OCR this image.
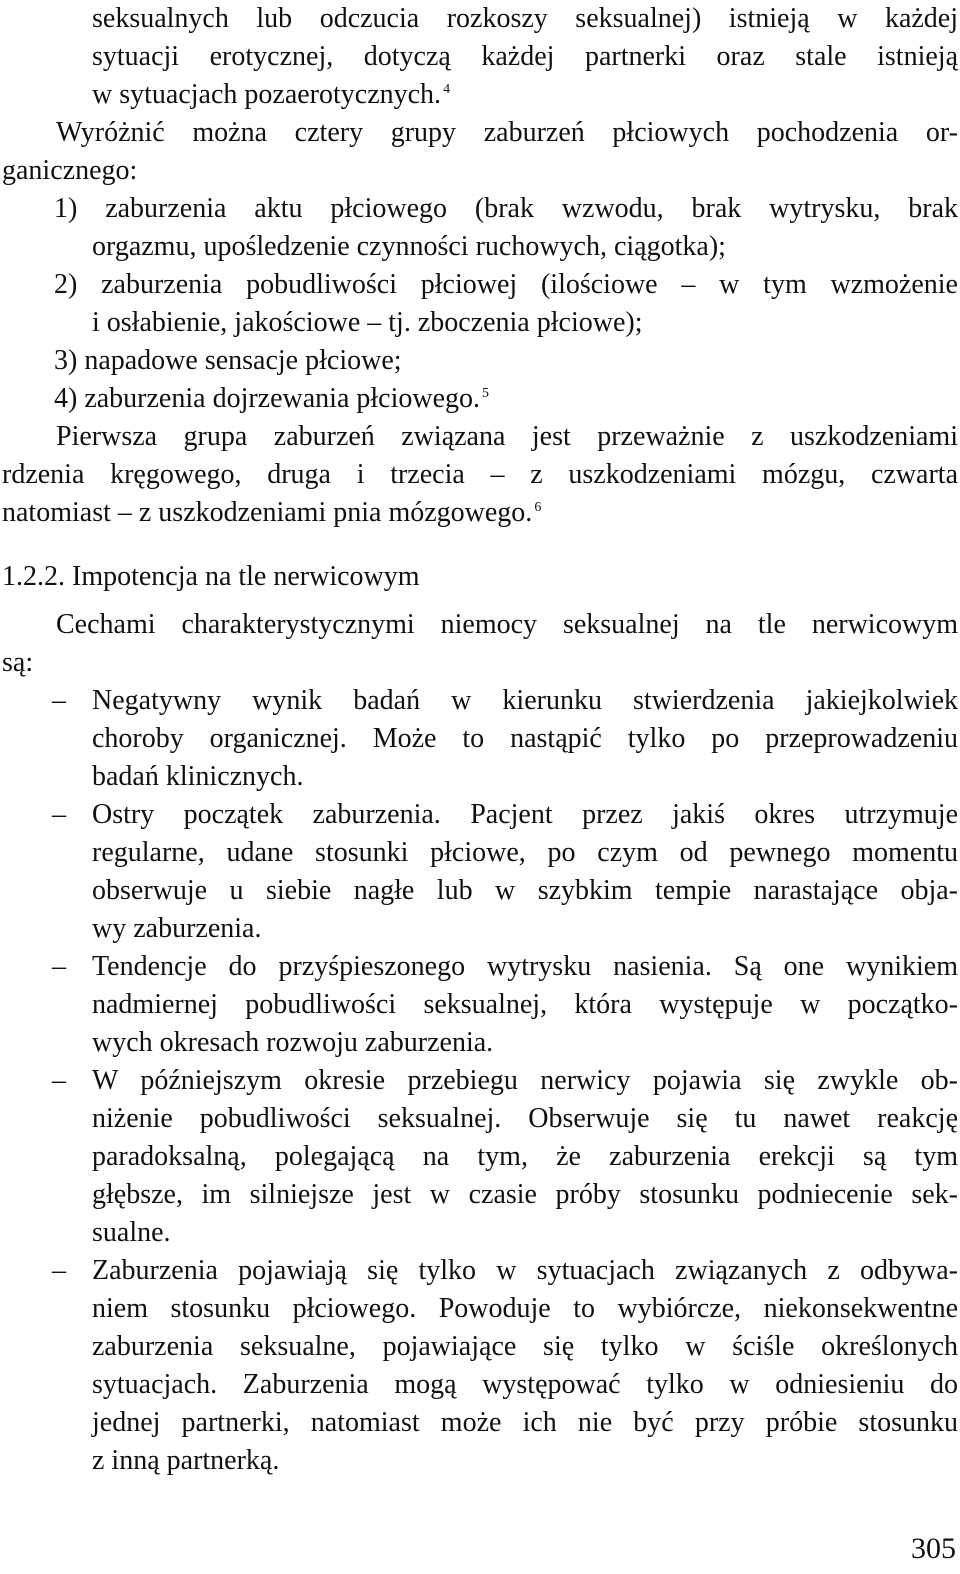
seksualnych lub odczucia rozkoszy seksualnej) istnieją w każdej
sytuacji erotycznej, dotyczą każdej partnerki oraz stale istnieją
w sytuacjach pozaerotycznych. $^4$
Wyróżnić można cztery grupy zaburzeń płciowych pochodzenia or-
ganicznego:
1) zaburzenia aktu płciowego (brak wzwodu, brak wytrysku, brak
orgazmu, upośledzenie czynności ruchowych, ciągotka);
2) zaburzenia pobudliwości płciowej (ilościowe – w tym wzmożenie
i osłabienie, jakościowe – tj. zboczenia płciowe);
3) napadowe sensacje płciowe;
4) zaburzenia dojrzewania płciowego. $^5$
Pierwsza grupa zaburzeń związana jest przeważnie z uszkodzeniami
rdzenia kręgowego, druga i trzecia – z uszkodzeniami mózgu, czwarta
natomiast – z uszkodzeniami pnia mózgowego. $^6$
1.2.2. Impotencja na tle nerwicowym
Cechami charakterystycznymi niemocy seksualnej na tle nerwicowym
są:
– Negatywny wynik badań w kierunku stwierdzenia jakiejkolwiek
choroby organicznej. Może to nastąpić tylko po przeprowadzeniu
badań klinicznych.
– Ostry początek zaburzenia. Pacjent przez jakiś okres utrzymuje
regularne, udane stosunki płciowe, po czym od pewnego momentu
obserwuje u siebie nagłe lub w szybkim tempie narastające obja-
wy zaburzenia.
– Tendencje do przyśpieszonego wytrysku nasienia. Są one wynikiem
nadmiernej pobudliwości seksualnej, która występuje w początko-
wych okresach rozwoju zaburzenia.
– W późniejszym okresie przebiegu nerwicy pojawia się zwykle ob-
niżenie pobudliwości seksualnej. Obserwuje się tu nawet reakcję
paradoksalną, polegającą na tym, że zaburzenia erekcji są tym
głębsze, im silniejsze jest w czasie próby stosunku podniecenie sek-
sualne.
– Zaburzenia pojawiają się tylko w sytuacjach związanych z odbywa-
niem stosunku płciowego. Powoduje to wybiórcze, niekonsekwentne
zaburzenia seksualne, pojawiające się tylko w ściśle określonych
sytuacjach. Zaburzenia mogą występować tylko w odniesieniu do
jednej partnerki, natomiast może ich nie być przy próbie stosunku
z inną partnerką.
305
